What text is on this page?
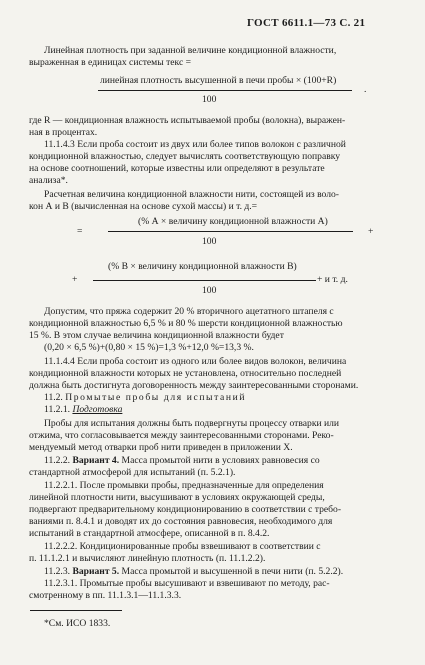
ГОСТ 6611.1—73 С. 21
Линейная плотность при заданной величине кондиционной влажности,
выраженная в единицах системы текс =
линейная плотность высушенной в печи пробы × (100+R)
.
100
где R — кондиционная влажность испытываемой пробы (волокна), выражен-
ная в процентах.
11.1.4.3 Если проба состоит из двух или более типов волокон с различной
кондиционной влажностью, следует вычислять соответствующую поправку
на основе соотношений, которые известны или определяют в результате
анализа*.
Расчетная величина кондиционной влажности нити, состоящей из воло-
кон А и В (вычисленная на основе сухой массы) и т. д.=
=
(% А × величину кондиционной влажности А)
+
100
+
(% В × величину кондиционной влажности В)
+ и т. д.
100
Допустим, что пряжа содержит 20 % вторичного ацетатного штапеля с
кондиционной влажностью 6,5 % и 80 % шерсти кондиционной влажностью
15 %. В этом случае величина кондиционной влажности будет
(0,20 × 6,5 %)+(0,80 × 15 %)=1,3 %+12,0 %=13,3 %.
11.1.4.4 Если проба состоит из одного или более видов волокон, величина
кондиционной влажности которых не установлена, относительно последней
должна быть достигнута договоренность между заинтересованными сторонами.
11.2. Промытые пробы для испытаний
11.2.1. Подготовка
Пробы для испытания должны быть подвергнуты процессу отварки или
отжима, что согласовывается между заинтересованными сторонами. Реко-
мендуемый метод отварки проб нити приведен в приложении X.
11.2.2. Вариант 4. Масса промытой нити в условиях равновесия со
стандартной атмосферой для испытаний (п. 5.2.1).
11.2.2.1. После промывки пробы, предназначенные для определения
линейной плотности нити, высушивают в условиях окружающей среды,
подвергают предварительному кондиционированию в соответствии с требо-
ваниями п. 8.4.1 и доводят их до состояния равновесия, необходимого для
испытаний в стандартной атмосфере, описанной в п. 8.4.2.
11.2.2.2. Кондиционированные пробы взвешивают в соответствии с
п. 11.1.2.1 и вычисляют линейную плотность (п. 11.1.2.2).
11.2.3. Вариант 5. Масса промытой и высушенной в печи нити (п. 5.2.2).
11.2.3.1. Промытые пробы высушивают и взвешивают по методу, рас-
смотренному в пп. 11.1.3.1—11.1.3.3.
*См. ИСО 1833.
